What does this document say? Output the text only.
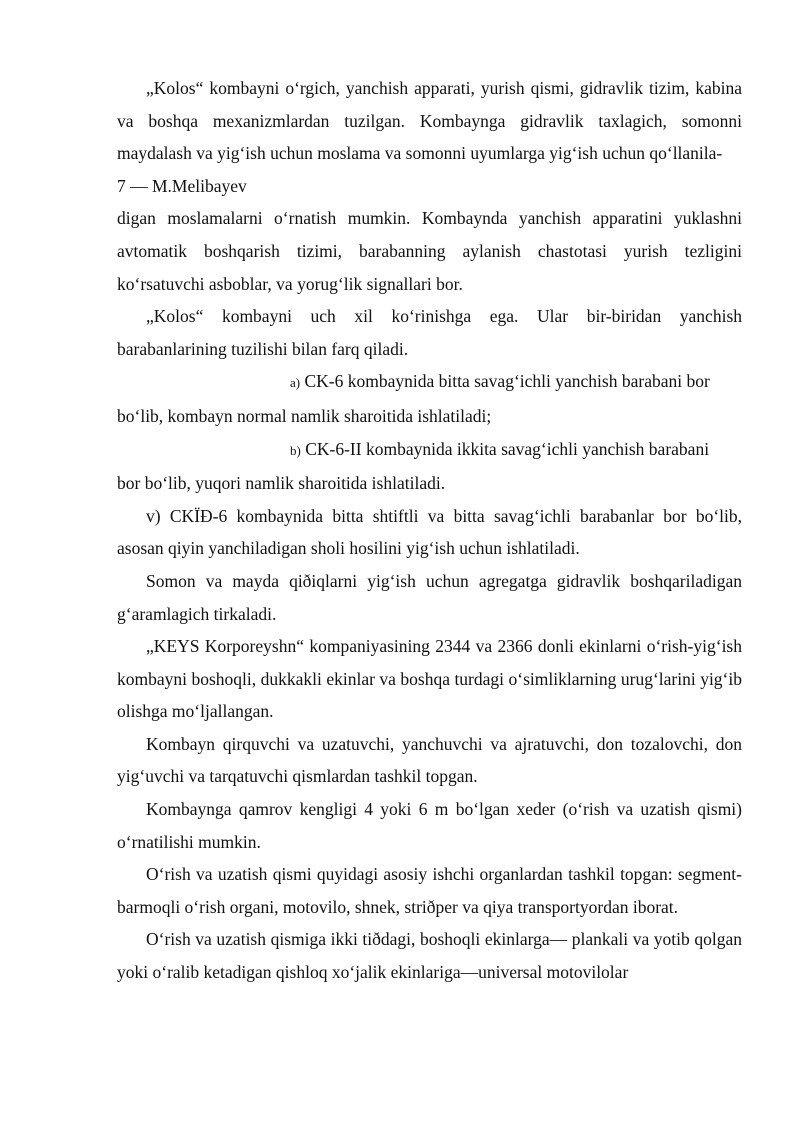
„Kolos“ kombayni o‘rgich, yanchish apparati, yurish qismi, gidravlik tizim, kabina va boshqa mexanizmlardan tuzilgan. Kombaynga gidravlik taxlagich, somonni maydalash va yig‘ish uchun moslama va somonni uyumlarga yig‘ish uchun qo‘llanila-

7 — M.Melibayev

digan moslamalarni o‘rnatish mumkin. Kombaynda yanchish apparatini yuklashni avtomatik boshqarish tizimi, barabanning aylanish chastotasi yurish tezligini ko‘rsatuvchi asboblar, va yorug‘lik signallari bor.

„Kolos“ kombayni uch xil ko‘rinishga ega. Ular bir-biridan yanchish barabanlarining tuzilishi bilan farq qiladi.

a) CK-6 kombaynida bitta savag‘ichli yanchish barabani bor

bo‘lib, kombayn normal namlik sharoitida ishlatiladi;

b) CK-6-II kombaynida ikkita savag‘ichli yanchish barabani

bor bo‘lib, yuqori namlik sharoitida ishlatiladi.

v) CKÏÐ-6 kombaynida bitta shtiftli va bitta savag‘ichli barabanlar bor bo‘lib, asosan qiyin yanchiladigan sholi hosilini yig‘ish uchun ishlatiladi.

Somon va mayda qiðiqlarni yig‘ish uchun agregatga gidravlik boshqariladigan g‘aramlagich tirkaladi.

„KEYS Korporeyshn“ kompaniyasining 2344 va 2366 donli ekinlarni o‘rish-yig‘ish kombayni boshoqli, dukkakli ekinlar va boshqa turdagi o‘simliklarning urug‘larini yig‘ib olishga mo‘ljallangan.

Kombayn qirquvchi va uzatuvchi, yanchuvchi va ajratuvchi, don tozalovchi, don yig‘uvchi va tarqatuvchi qismlardan tashkil topgan.

Kombaynga qamrov kengligi 4 yoki 6 m bo‘lgan xeder (o‘rish va uzatish qismi) o‘rnatilishi mumkin.

O‘rish va uzatish qismi quyidagi asosiy ishchi organlardan tashkil topgan: segment-barmoqli o‘rish organi, motovilo, shnek, striðper va qiya transportyordan iborat.

O‘rish va uzatish qismiga ikki tiðdagi, boshoqli ekinlarga— plankali va yotib qolgan yoki o‘ralib ketadigan qishloq xo‘jalik ekinlariga—universal motovilolar
